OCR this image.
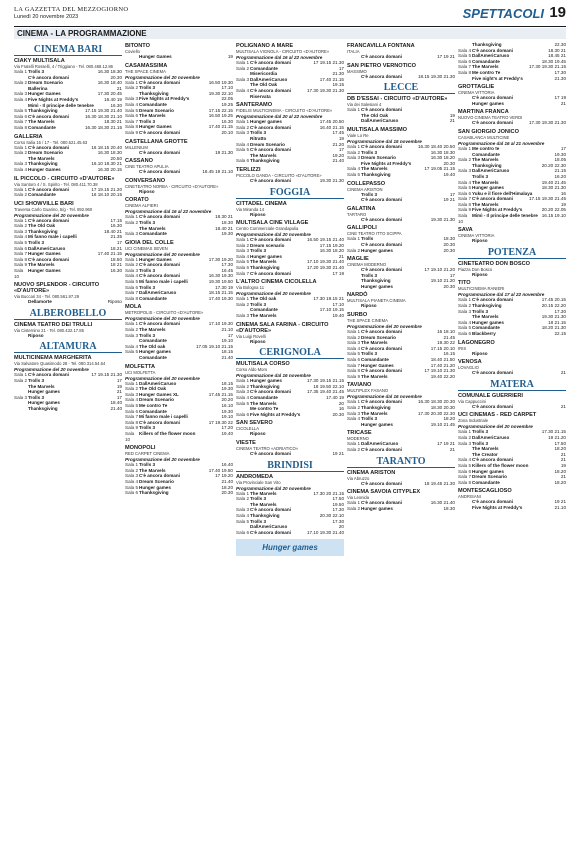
LA GAZZETTA DEL MEZZOGIORNO
Lunedì 20 novembre 2023	SPETTACOLI 19
CINEMA - LA PROGRAMMAZIONE
CINEMA BARI
CIAKY MULTISALA
Via Fratelli Rosselli, 4 / Triggiano - Tel. 080.468.12.86
Sala 1 Trolls 3	16.30 18.30
C'è ancora domani	20.30
Sala 2 Dream Scenario	16.30 18.40
Ballerina	21
Sala 3 Hunger Games	17.30 20.45
Sala 4 Five Nights at Freddy's	16.40 19
Mimì - Il principe delle tenebre	16.30
Sala 5 Thanksgiving	17.15 19.30 21.40
Sala 6 C'è ancora domani	16.30 18.30 21.10
Sala 7 The Marvels	18.30 21
Sala 8 Comandante	16.30 18.30 21.15
GALLERIA
Corso Italia 15 / 17 - Tel. 080.521.45.63
Sala 1 C'è ancora domani	16 18.15 20.40
Sala 2 Dream Scenario	16.30 18.30
The Marvels	20.50
Sala 3 Thanksgiving	16.10 18.30 21
Sala 4 Hunger Games	16.30 20.15
IL PICCOLO - CIRCUITO «D'AUTORE»
Via Santoro 4 / S. Spirito - Tel. 080.411.70.38
Sala 1 C'è ancora domani	17 19.15 21.20
Sala 2 Comandante	16 18.10 20.15
UCI SHOWVILLE BARI
Traversa Carlo Guarino, 5/g - Tel. 892.960
Programmazione del 20 novembre
Sala 1 C'è ancora domani	17.15
Sala 2 The Old Oak	16.30
Sala 3 Thanksgiving	18.40 21
Sala 4 Mi fanno male i capelli	21.35
Sala 5 Trolls 3	17
Sala 6 DallAmeriCaruso	18.21
Sala 7 Hunger Games	17.40 21.15
Sala 8 C'è ancora domani	18.50
Sala 9 The Marvels	18 21
Sala 10
Hunger Games	16.30
NUOVO SPLENDOR - CIRCUITO «D'AUTORE»
Via Buccari 34 - Tel. 080.561.97.29
Dellamorte	Riposo
ALBEROBELLO
CINEMA TEATRO DEI TRULLI
Via Cisternino 21 - Tel. 080.432.17.85
Riposo
ALTAMURA
MULTICINEMA MARGHERITA
Via Salvatore Quasimodo 28 - Tel. 080.314.54.64
Programmazione del 20 novembre
Sala 1 C'è ancora domani	17 19.15 21.30
Sala 2 Trolls 3	17
The Marvels	19
Hunger games	21
Sala 3 Trolls 3	17
Hunger games	18.40
Thanksgiving	21.40
BITONTO
Coviello
Hunger Games	19
CASAMASSIMA
THE SPACE CINEMA
Programmazione del 20 novembre
Sala 1 C'è ancora domani	16.50 19.30
Sala 2 Trolls 3	17.10
Thanksgiving	19.30 22.10
Sala 3 Five Nights at Freddy's	22.05
Sala 4 Comandante	19.25
Sala 5 Dream Scenario	17.15 22.15
Sala 6 The Marvels	16.50 19.25
Sala 7 Trolls 3	16.30
Sala 8 Hunger Games	17.40 21.15
Sala 9 C'è ancora domani	20.10
CASTELLANA GROTTE
MILLENIUM
C'è ancora domani	19 21.30
CASSANO
CINE TEATRO APULIA
C'è ancora domani	16.45 19 21.10
CONVERSANO
CINETEATRO NORBA - CIRCUITO «D'AUTORE»
Riposo
CORATO
CINEMA ALFIERI
Programmazione dal 16 al 22 novembre
Sala 1 C'è ancora domani	18.30 21
Sala 2 Trolls 3	18.30
The Marvels	18.40 21
Sala 3 Comandante	19.30
GIOIA DEL COLLE
UCI CINEMAS SEVEN
Programmazione del 20 novembre
Sala 1 Hunger Games	17.30 19.20
Sala 2 C'è ancora domani	17.30
Sala 3 Trolls 3	16.45
Sala 4 C'è ancora domani	16.30 19.30
Sala 5 Mi fanno male i capelli	19.30 19.50
Sala 6 Trolls 3	17.30 19
Sala 7 DallAmeriCaruso	18.15 21.15
Sala 8 Comandante	17.40 19.30
MOLA
METROPOLIS - CIRCUITO «D'AUTORE»
Programmazione del 20 novembre
Sala 1 C'è ancora domani	17.10 19.30
Sala 2 The Marvels	21.10
Sala 3 Trolls 3	17
Comandante	19.10
Sala 4 The Old oak	17.05 19.10 21.15
Sala 5 Hunger games	18.15
Comandante	21.40
MOLFETTA
UCI MOLFETTA
Programmazione del 20 novembre
Sala 1 DallAmeriCaruso	18.15
Sala 2 The Old Oak	19.30
Sala 3 Hunger Games XL	17.45 21.15
Sala 4 Dream Scenario	20.20
Sala 5 Me contro Te	16.10
Sala 6 Comandante	19.30
Sala 7 Mi fanno male i capelli	19.10
Sala 8 C'è ancora domani	17 19.30 22
Sala 9 Trolls 3	17.20
Sala 10
Killers of the flower moon	19.40
MONOPOLI
RED CARPET CINEMA
Programmazione del 20 novembre
Sala 1 Trolls 3	16.40
Sala 2 The Marvels	17.40 19.50
Sala 3 C'è ancora domani	17 19.20
Sala 4 Dream Scenario	21.40
Sala 5 Hunger games	18.20
Sala 6 Thanksgiving	20.30
POLIGNANO A MARE
MULTISALA VIGNOLA - CIRCUITO «D'AUTORE»
Programmazione dal 16 al 22 novembre
Sala 1 C'è ancora domani	17 19.15 21.30
Sala 2 Comandante	17
Misericordia	21.30
Sala 3 DallAmeriCaruso	17.40 21.15
The Old Oak	19.15
Sala 4 C'è ancora domani	17.30 19.30 21.30
Riservata
SANTERAMO
FIDELIS MULTICINEMA - CIRCUITO «D'AUTORE»
Programmazione dal 20 al 22 novembre
Sala 1 Hunger games	17.45 20.50
Sala 2 C'è ancora domani	16.40 21.15
Sala 3 Trolls 3	17.45
Ritratto	19
Sala 4 Dream Scenario	21.20
Sala 5 C'è ancora domani	17
The Marvels	19.20
Sala 6 Thanksgiving	21.40
TERLIZZI
PICCOLO GANDA - CIRCUITO «D'AUTORE»
C'è ancora domani	19.30 21.30
FOGGIA
CITTADEL CINEMA
Via Miranda 14
Riposo
MULTISALA CINE VILLAGE
Centro Commerciale Grandapulia
Programmazione dal 20 novembre
Sala 1 C'è ancora domani	16.50 19.15 21.40
Sala 2 Dream scenario	17.15 19.20
Sala 3 Trolls 3	16.30 18.20
Sala 4 Hunger games	21
Sala 5 The Marvels	17.10 19.30 21.40
Sala 6 Thanksgiving	17.20 19.30 21.40
Sala 7 C'è ancora domani	17 19
L'ALTRO CINEMA CICOLELLA
Via Bologna 11
Programmazione del 20 novembre
Sala 1 The Old oak	17.30 19.15 21
Sala 2 Trolls 3	17.10
Comandante	17.10 19.15
Sala 3 The Marvels	19.40
CINEMA SALA FARINA - CIRCUITO «D'AUTORE»
Via Luigi Rovelli
Riposo
CERIGNOLA
MULTISALA CORSO
Corso Aldo Moro
Programmazione dal 16 novembre
Sala 1 Hunger games	17.30 19.15 21.15
Sala 2 Thanksgiving	18 19.50 22.10
Sala 3 C'è ancora domani	17.35 19.40 21.45
Sala 4 Comandante	17.40 19
Sala 5 The Marvels	20
Me contro Te	16
Sala 6 Five Nights at Freddy's	20.30
SAN SEVERO
CICOLELLA
Riposo
VIESTE
CINEMA TEATRO «ADRIATICO»
C'è ancora domani	19 21
BRINDISI
ANDROMEDA
Via Provinciale San Vito
Programmazione dal 20 novembre
Sala 1 The Marvels	17.30 20 21.15
Sala 2 Trolls 3	17.50
The Marvels	19.50
Sala 3 C'è ancora domani	17.30
Sala 4 Thanksgiving	20.30 22.10
Sala 5 Trolls 3	17.30
DallAmeriCaruso	20
Sala 6 C'è ancora domani	17.10 19.30 21.40
Hunger games
FRANCAVILLA FONTANA
ITALIA
C'è ancora domani	17 19 21
SAN PIETRO VERNOTICO
MASSIMO
C'è ancora domani	18.15 19.30 21.30
LECCE
DB D'ESSAI - CIRCUITO «D'AUTORE»
Via dei Salesiani 4
Sala 1 C'è ancora domani
The Old Oak	19
DallAmeriCaruso	21
MULTISALA MASSIMO
Viale Lo Re
Programmazione dal 15 novembre
Sala 1 C'è ancora domani	16.30 18.40 20.50
Sala 2 Trolls 3	16.30 18.30
Sala 3 Dream Scenario	16.30 18.20
Five Nights at Freddy's	20.30
Sala 4 The Marvels	17 19.05 21.15
Sala 5 Thanksgiving	19.40
COLLEPASSO
CINEMA ARISTON
Trolls 3	17
C'è ancora domani	19 21
GALATINA
TARTARO
C'è ancora domani	19.30 21.30
GALLIPOLI
CINE TEATRO ITTO SCIPPA
Sala 1 Trolls	18.30
C'è ancora domani	20.30
Sala 2 Hunger games	20.30
MAGLIE
CINEMA MODERNO
C'è ancora domani	17 19.10 21.20
Trolls 3	17
Thanksgiving	19.10 21.20
Hunger games	20.30
NARDÒ
MULTISALA PIANETA CINEMA
Riposo
SURBO
THE SPACE CINEMA
Programmazione del 20 novembre
Sala 1 C'è ancora domani	16 18.10
Sala 2 Dream Scenario	21.45
Sala 3 The Marvels	19.30 22
Sala 4 C'è ancora domani	17.15 20.10
Sala 5 Trolls 3	16.15
Sala 6 Comandante	18.40 21.50
Sala 7 Hunger Games	17.40 21.20
Sala 8 C'è ancora domani	17 19.10 21.30
Sala 9 The Marvels	19.40 22.20
TAVIANO
MULTIPLEX FASANO
Programmazione dal 16 novembre
Sala 1 C'è ancora domani	16.30 18.30 20.30
Sala 2 Thanksgiving	18.30 20.30
Sala 3 The Marvels	17.30 20.30 22.30
Sala 4 Trolls 3	18.20
Hunger games	19.10 21.45
TRICASE
MODERNO
Sala 1 DallAmeriCaruso	17 19 21
Sala 2 C'è ancora domani	21
TARANTO
CINEMA ARISTON
Via Abruzzo
C'è ancora domani	18 19.45 21.30
CINEMA SAVOIA CITYPLEX
Via Leonida
Sala 1 C'è ancora domani	16.30 21.40
Sala 2 Hunger games	18.30
Thanksgiving	22.30
Sala 4 C'è ancora domani	18.30 21
Sala 5 DallAmeriCaruso	18.45 21
Sala 6 Comandante	18.30 19.45
Sala 7 The Marvels	17.30 19.30 21.15
Sala 8 Me contro Te	17.30
Five night's at Freddy's	21.30
GROTTAGLIE
CINEMA VITTORIA
C'è ancora domani	17 19
Hunger games	21
MARTINA FRANCA
NUOVO CINEMA TEATRO VERDI
C'è ancora domani	17.30 19.30 21.30
SAN GIORGIO JONICO
CASABLANCA MULTICINE
Programmazione dal 16 al 21 novembre
Sala 1 Me contro te	17
Comandante	19.30
Sala 2 The Marvels	18.05
Thanksgiving	20.20 22.30
Sala 3 DallAmeriCaruso	21.15
Trolls 3	16.20
Sala 4 The Marvels	19.40 21.45
Sala 5 Hunger games	18.30 21.30
Sala 6 Yuku e il fiore dell'Himalaya	16
Sala 7 C'è ancora domani	17.15 19.30 21.45
Sala 8 The Marvels	19
Sala 9 Five Nights at Freddy's	20.20 22.05
Sala 10
Mimì - Il principe delle tenebre 16.15 19.10
SAVA
CINEMA VITTORIA
Riposo
POTENZA
CINETEATRO DON BOSCO
Piazza Don Bosco
Riposo
TITO
MULTICINEMA RANIERI
Programmazione dal 17 al 22 novembre
Sala 1 C'è ancora domani	17.45 20.15
Sala 2 Thanksgiving	20.15 22.20
Sala 3 Trolls 3	17.30
The Marvels	19.30 21.30
Sala 4 Hunger games	18 21.15
Sala 5 Comandante	18.20 21.30
Sala 6 Blackberry	22.15
LAGONEGRO
IRIS
Riposo
VENOSA
LOVAGLIO
C'è ancora domani	21
MATERA
COMUNALE GUERRIERI
Via Cappuccini
C'è ancora domani	21
UCI CINEMAS - RED CARPET
Zona Industriale
Programmazione del 20 novembre
Sala 1 Trolls 3	17.30 21.15
Sala 2 DallAmeriCaruso	19 21.20
Sala 3 Trolls 3	17.50
The Marvels	18.20
The Creator	21
Sala 4 C'è ancora domani	21
Sala 5 Killers of the flower moon	19
Sala 6 Hunger games	18.20
Sala 7 Dream Scenario	21
Sala 8 Comandante	18.20
MONTESCAGLIOSO
ANDRISANI
C'è ancora domani	19 21
Five Nights at Freddy's	21.10
